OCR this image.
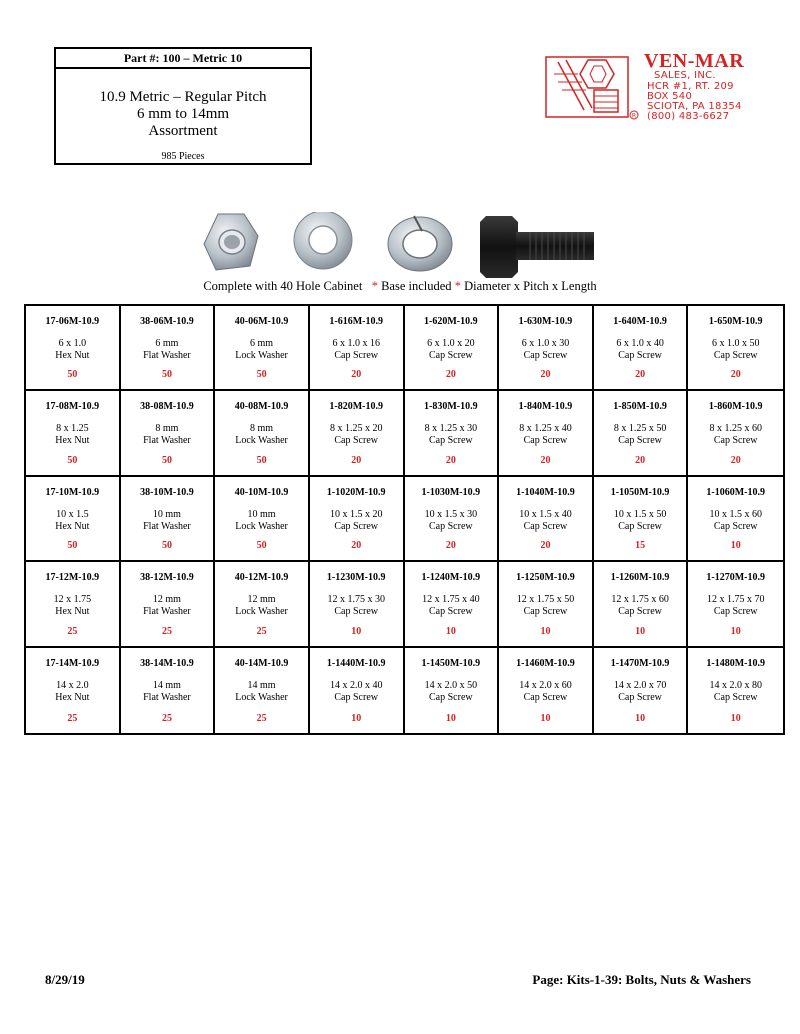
Part #: 100 – Metric 10
10.9 Metric – Regular Pitch
6 mm to 14mm
Assortment
985 Pieces
R
VEN-MAR
SALES, INC.
HCR #1, RT. 209
BOX 540
SCIOTA, PA 18354
(800) 483-6627
Complete with 40 Hole Cabinet * Base included * Diameter x Pitch x Length
17-06M-10.9
6 x 1.0
Hex Nut
50
38-06M-10.9
6 mm
Flat Washer
50
40-06M-10.9
6 mm
Lock Washer
50
1-616M-10.9
6 x 1.0 x 16
Cap Screw
20
1-620M-10.9
6 x 1.0 x 20
Cap Screw
20
1-630M-10.9
6 x 1.0 x 30
Cap Screw
20
1-640M-10.9
6 x 1.0 x 40
Cap Screw
20
1-650M-10.9
6 x 1.0 x 50
Cap Screw
20
17-08M-10.9
8 x 1.25
Hex Nut
50
38-08M-10.9
8 mm
Flat Washer
50
40-08M-10.9
8 mm
Lock Washer
50
1-820M-10.9
8 x 1.25 x 20
Cap Screw
20
1-830M-10.9
8 x 1.25 x 30
Cap Screw
20
1-840M-10.9
8 x 1.25 x 40
Cap Screw
20
1-850M-10.9
8 x 1.25 x 50
Cap Screw
20
1-860M-10.9
8 x 1.25 x 60
Cap Screw
20
17-10M-10.9
10 x 1.5
Hex Nut
50
38-10M-10.9
10 mm
Flat Washer
50
40-10M-10.9
10 mm
Lock Washer
50
1-1020M-10.9
10 x 1.5 x 20
Cap Screw
20
1-1030M-10.9
10 x 1.5 x 30
Cap Screw
20
1-1040M-10.9
10 x 1.5 x 40
Cap Screw
20
1-1050M-10.9
10 x 1.5 x 50
Cap Screw
15
1-1060M-10.9
10 x 1.5 x 60
Cap Screw
10
17-12M-10.9
12 x 1.75
Hex Nut
25
38-12M-10.9
12 mm
Flat Washer
25
40-12M-10.9
12 mm
Lock Washer
25
1-1230M-10.9
12 x 1.75 x 30
Cap Screw
10
1-1240M-10.9
12 x 1.75 x 40
Cap Screw
10
1-1250M-10.9
12 x 1.75 x 50
Cap Screw
10
1-1260M-10.9
12 x 1.75 x 60
Cap Screw
10
1-1270M-10.9
12 x 1.75 x 70
Cap Screw
10
17-14M-10.9
14 x 2.0
Hex Nut
25
38-14M-10.9
14 mm
Flat Washer
25
40-14M-10.9
14 mm
Lock Washer
25
1-1440M-10.9
14 x 2.0 x 40
Cap Screw
10
1-1450M-10.9
14 x 2.0 x 50
Cap Screw
10
1-1460M-10.9
14 x 2.0 x 60
Cap Screw
10
1-1470M-10.9
14 x 2.0 x 70
Cap Screw
10
1-1480M-10.9
14 x 2.0 x 80
Cap Screw
10
8/29/19	Page: Kits-1-39: Bolts, Nuts & Washers
